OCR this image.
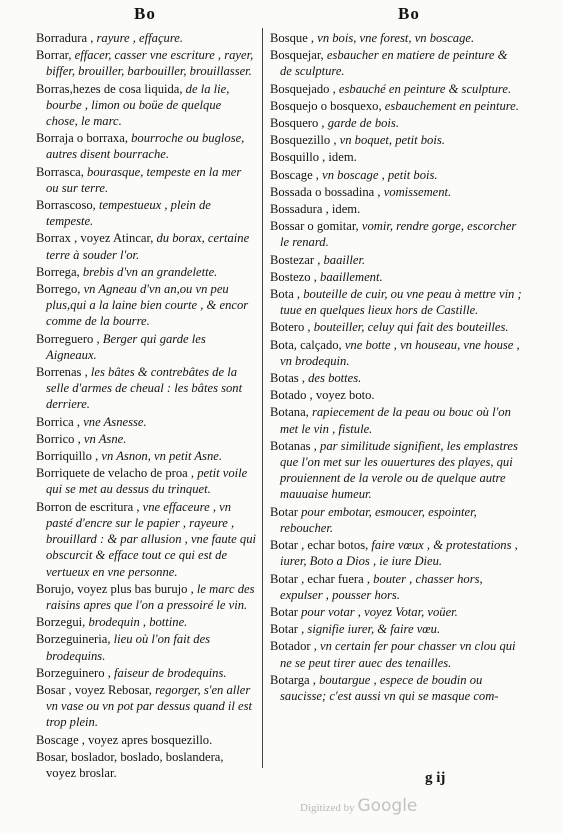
Bo	Bo

Borradura , rayure , effaçure.

Borrar, effacer, casser vne escriture , rayer, biffer, brouiller, barbouiller, brouillasser.

Borras,hezes de cosa liquida, de la lie, bourbe , limon ou boüe de quelque chose, le marc.

Borraja o borraxa, bourroche ou buglose, autres disent bourrache.

Borrasca, bourasque, tempeste en la mer ou sur terre.

Borrascoso, tempestueux , plein de tempeste.

Borrax , voyez Atincar, du borax, certaine terre à souder l'or.

Borrega, brebis d'vn an grandelette.

Borrego, vn Agneau d'vn an,ou vn peu plus,qui a la laine bien courte , & encor comme de la bourre.

Borreguero , Berger qui garde les Aigneaux.

Borrenas , les bâtes & contrebâtes de la selle d'armes de cheual : les bâtes sont derriere.

Borrica , vne Asnesse.

Borrico , vn Asne.

Borriquillo , vn Asnon, vn petit Asne.

Borriquete de velacho de proa , petit voile qui se met au dessus du trinquet.

Borron de escritura , vne effaceure , vn pasté d'encre sur le papier , rayeure , brouillard : & par allusion , vne faute qui obscurcit & efface tout ce qui est de vertueux en vne personne.

Borujo, voyez plus bas burujo , le marc des raisins apres que l'on a pressoiré le vin.

Borzegui, brodequin , bottine.

Borzeguineria, lieu où l'on fait des brodequins.

Borzeguinero , faiseur de brodequins.

Bosar , voyez Rebosar, regorger, s'en aller vn vase ou vn pot par dessus quand il est trop plein.

Boscage , voyez apres bosquezillo.

Bosar, boslador, boslado, boslandera, voyez broslar.

Bosque , vn bois, vne forest, vn boscage.

Bosquejar, esbaucher en matiere de peinture & de sculpture.

Bosquejado , esbauché en peinture & sculpture.

Bosquejo o bosquexo, esbauchement en peinture.

Bosquero , garde de bois.

Bosquezillo , vn boquet, petit bois.

Bosquillo , idem.

Boscage , vn boscage , petit bois.

Bossada o bossadina , vomissement.

Bossadura , idem.

Bossar o gomitar, vomir, rendre gorge, escorcher le renard.

Bostezar , baailler.

Bostezo , baaillement.

Bota , bouteille de cuir, ou vne peau à mettre vin ; tuue en quelques lieux hors de Castille.

Botero , bouteiller, celuy qui fait des bouteilles.

Bota, calçado, vne botte , vn houseau, vne house , vn brodequin.

Botas , des bottes.

Botado , voyez boto.

Botana, rapiecement de la peau ou bouc où l'on met le vin , fistule.

Botanas , par similitude signifient, les emplastres que l'on met sur les ouuertures des playes, qui prouiennent de la verole ou de quelque autre mauuaise humeur.

Botar pour embotar, esmoucer, espointer, reboucher.

Botar , echar botos, faire vœux , & protestations , iurer, Boto a Dios , ie iure Dieu.

Botar , echar fuera , bouter , chasser hors, expulser , pousser hors.

Botar pour votar , voyez Votar, voüer.

Botar , signifie iurer, & faire vœu.

Botador , vn certain fer pour chasser vn clou qui ne se peut tirer auec des tenailles.

Botarga , boutargue , espece de boudin ou saucisse; c'est aussi vn qui se masque com-

g ij
Digitized by Google
